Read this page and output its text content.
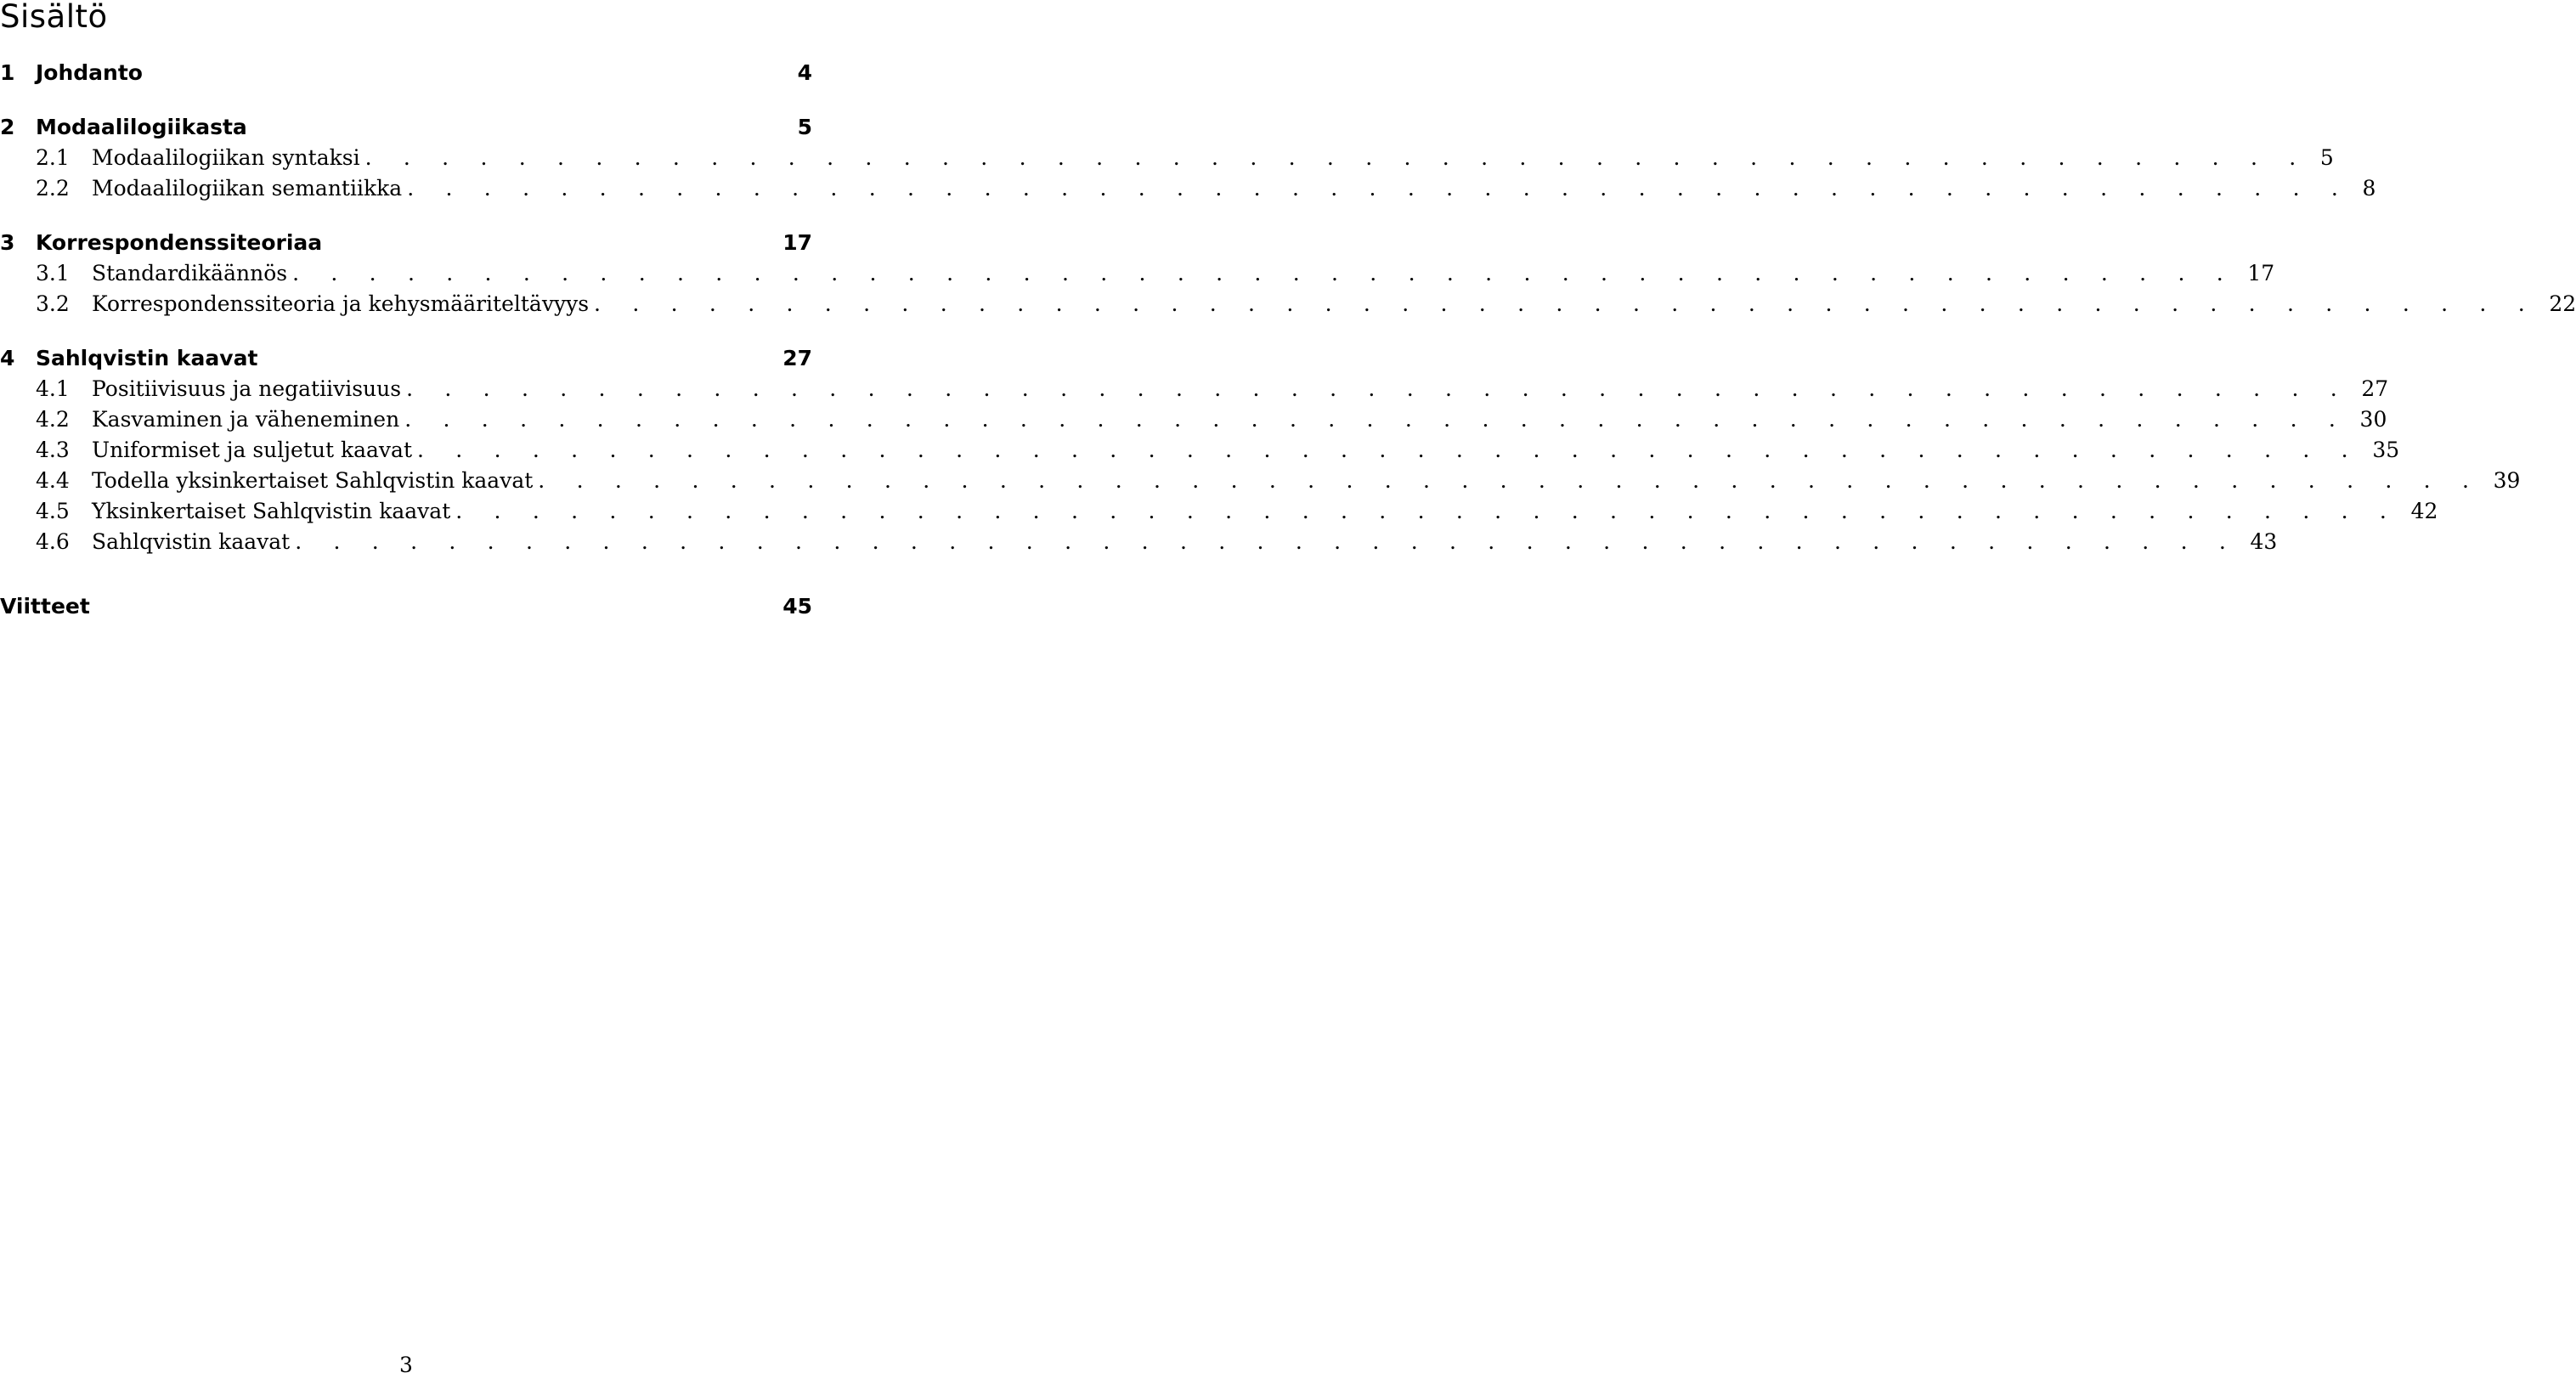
Sisältö
1 Johdanto	4
2 Modaalilogiikasta	5
2.1	Modaalilogiikan syntaksi . . . . . . . . . . . . . . . . . . . . . . . . . . . . . . . . . . . . . . . . . . . . . . . . . . . 5
2.2	Modaalilogiikan semantiikka . . . . . . . . . . . . . . . . . . . . . . . . . . . . . . . . . . . . . . . . . . . . . . . . . . . 8
3 Korrespondenssiteoriaa	17
3.1	Standardikäännös . . . . . . . . . . . . . . . . . . . . . . . . . . . . . . . . . . . . . . . . . . . . . . . . . . . 17
3.2	Korrespondenssiteoria ja kehysmääriteltävyys . . . . . . . . . . . . . . . . . . . . . . . . . . . . . . . . . . . . . . . . . . . . . . . . . . . 22
4 Sahlqvistin kaavat	27
4.1	Positiivisuus ja negatiivisuus . . . . . . . . . . . . . . . . . . . . . . . . . . . . . . . . . . . . . . . . . . . . . . . . . . . 27
4.2	Kasvaminen ja väheneminen . . . . . . . . . . . . . . . . . . . . . . . . . . . . . . . . . . . . . . . . . . . . . . . . . . . 30
4.3	Uniformiset ja suljetut kaavat . . . . . . . . . . . . . . . . . . . . . . . . . . . . . . . . . . . . . . . . . . . . . . . . . . . 35
4.4	Todella yksinkertaiset Sahlqvistin kaavat . . . . . . . . . . . . . . . . . . . . . . . . . . . . . . . . . . . . . . . . . . . . . . . . . . . 39
4.5	Yksinkertaiset Sahlqvistin kaavat . . . . . . . . . . . . . . . . . . . . . . . . . . . . . . . . . . . . . . . . . . . . . . . . . . . 42
4.6	Sahlqvistin kaavat . . . . . . . . . . . . . . . . . . . . . . . . . . . . . . . . . . . . . . . . . . . . . . . . . . . 43
Viitteet	45
3
